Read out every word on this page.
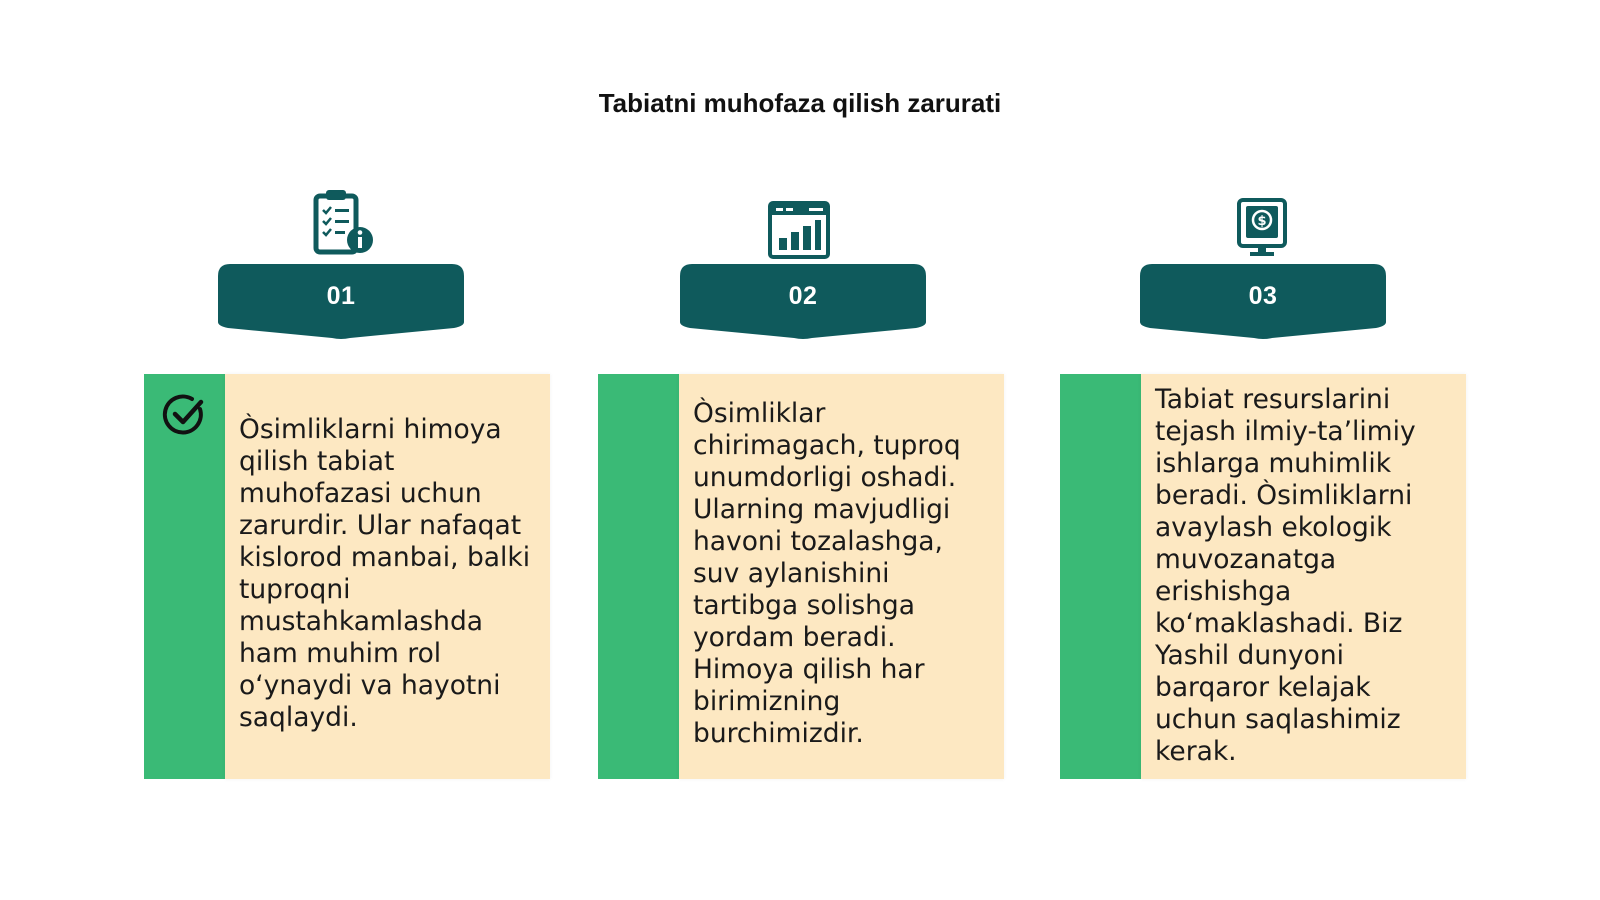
Tabiatni muhofaza qilish zarurati
01
Òsimliklarni himoya qilish tabiat muhofazasi uchun zarurdir. Ular nafaqat kislorod manbai, balki tuproqni mustahkamlashda ham muhim rol o‘ynaydi va hayotni saqlaydi.
02
Òsimliklar chirimagach, tuproq unumdorligi oshadi. Ularning mavjudligi havoni tozalashga, suv aylanishini tartibga solishga yordam beradi. Himoya qilish har birimizning burchimizdir.
$
03
Tabiat resurslarini tejash ilmiy-ta’limiy ishlarga muhimlik beradi. Òsimliklarni avaylash ekologik muvozanatga erishishga ko‘maklashadi. Biz Yashil dunyoni barqaror kelajak uchun saqlashimiz kerak.
